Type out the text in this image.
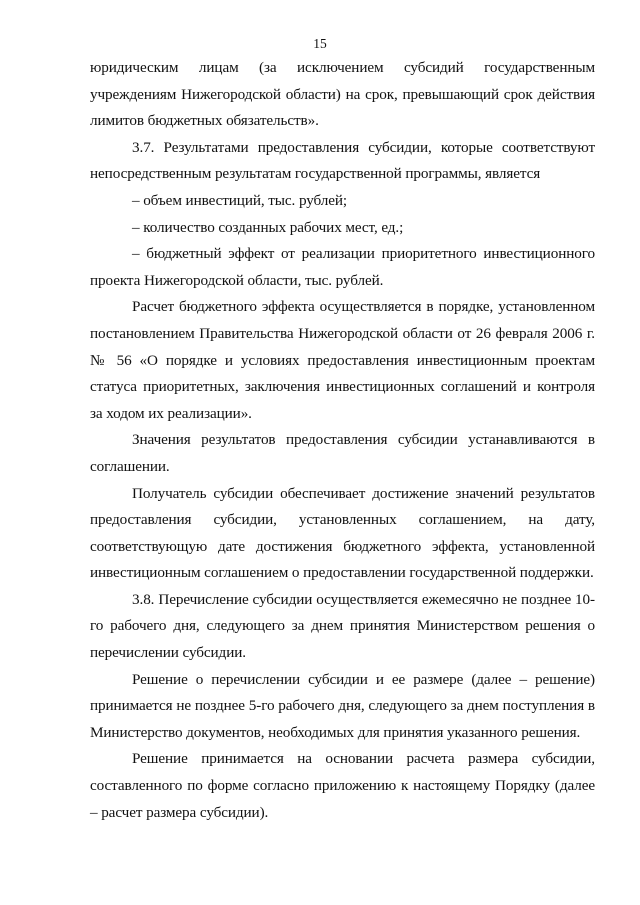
15

юридическим лицам (за исключением субсидий государственным учреждениям Нижегородской области) на срок, превышающий срок действия лимитов бюджетных обязательств».

3.7. Результатами предоставления субсидии, которые соответствуют непосредственным результатам государственной программы, является

– объем инвестиций, тыс. рублей;

– количество созданных рабочих мест, ед.;

– бюджетный эффект от реализации приоритетного инвестиционного проекта Нижегородской области, тыс. рублей.

Расчет бюджетного эффекта осуществляется в порядке, установленном постановлением Правительства Нижегородской области от 26 февраля 2006 г. № 56 «О порядке и условиях предоставления инвестиционным проектам статуса приоритетных, заключения инвестиционных соглашений и контроля за ходом их реализации».

Значения результатов предоставления субсидии устанавливаются в соглашении.

Получатель субсидии обеспечивает достижение значений результатов предоставления субсидии, установленных соглашением, на дату, соответствующую дате достижения бюджетного эффекта, установленной инвестиционным соглашением о предоставлении государственной поддержки.

3.8. Перечисление субсидии осуществляется ежемесячно не позднее 10-го рабочего дня, следующего за днем принятия Министерством решения о перечислении субсидии.

Решение о перечислении субсидии и ее размере (далее – решение) принимается не позднее 5-го рабочего дня, следующего за днем поступления в Министерство документов, необходимых для принятия указанного решения.

Решение принимается на основании расчета размера субсидии, составленного по форме согласно приложению к настоящему Порядку (далее – расчет размера субсидии).
